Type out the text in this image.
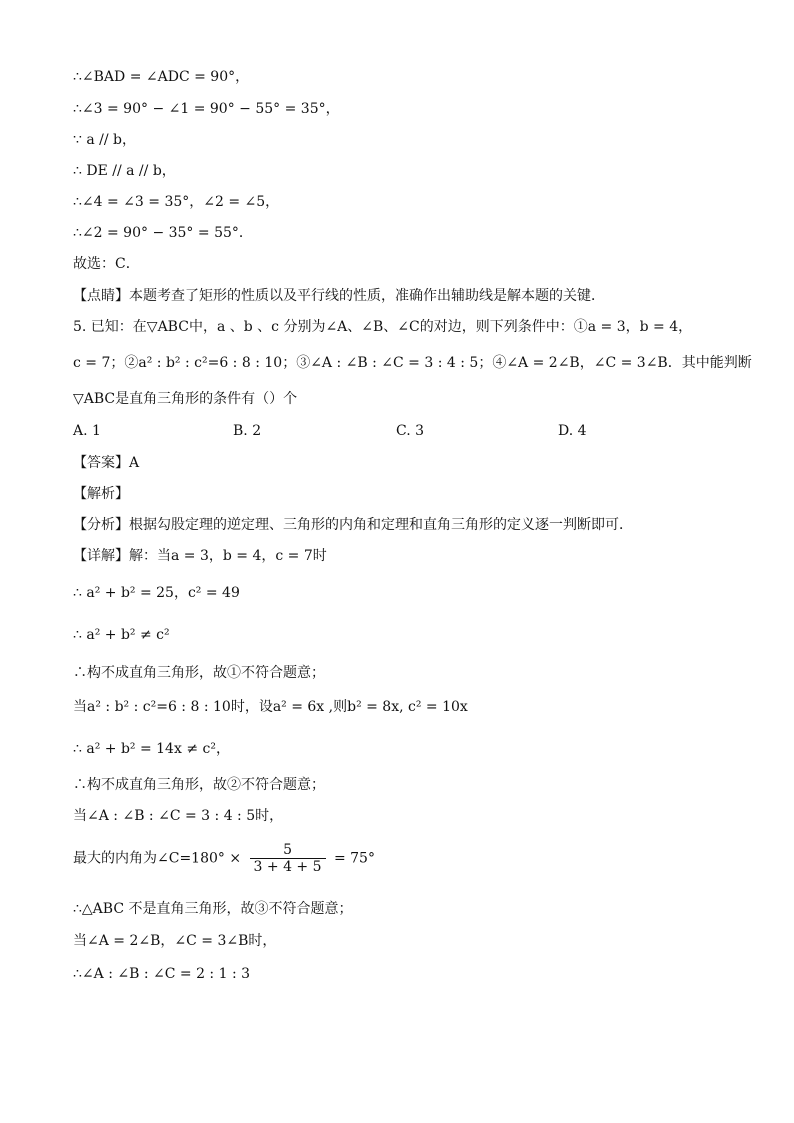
∴∠BAD = ∠ADC = 90°，
∴∠3 = 90° − ∠1 = 90° − 55° = 35°，
∵ a // b，
∴ DE // a // b，
∴∠4 = ∠3 = 35°，∠2 = ∠5，
∴∠2 = 90° − 35° = 55°．
故选：C．
【点睛】本题考查了矩形的性质以及平行线的性质，准确作出辅助线是解本题的关键．
5. 已知：在▽ABC中，a 、b 、c 分别为∠A、∠B、∠C的对边，则下列条件中：①a = 3，b = 4，
c = 7；②a² : b² : c²=6 : 8 : 10；③∠A : ∠B : ∠C = 3 : 4 : 5；④∠A = 2∠B，∠C = 3∠B．其中能判断
▽ABC是直角三角形的条件有（）个
A. 1	B. 2	C. 3	D. 4
【答案】A
【解析】
【分析】根据勾股定理的逆定理、三角形的内角和定理和直角三角形的定义逐一判断即可．
【详解】解：当a = 3，b = 4，c = 7时
∴ a² + b² = 25，c² = 49
∴ a² + b² ≠ c²
∴构不成直角三角形，故①不符合题意；
当a² : b² : c²=6 : 8 : 10时，设a² = 6x ,则b² = 8x, c² = 10x
∴ a² + b² = 14x ≠ c²，
∴构不成直角三角形，故②不符合题意；
当∠A : ∠B : ∠C = 3 : 4 : 5时，
最大的内角为∠C=180° × $\frac{5}{3 + 4 + 5} = 75^\circ$
∴△ABC 不是直角三角形，故③不符合题意；
当∠A = 2∠B，∠C = 3∠B时，
∴∠A : ∠B : ∠C = 2 : 1 : 3
